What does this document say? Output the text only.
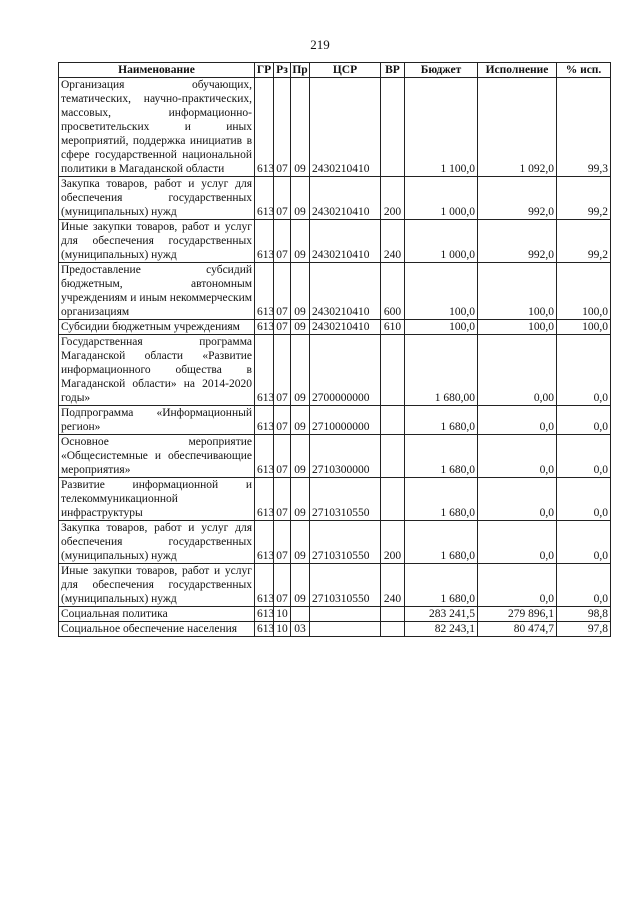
219
Наименование	ГР	Рз	Пр	ЦСР	ВР	Бюджет	Исполнение	% исп.
Организация обучающих, тематических, научно-практических, массовых, информационно-просветительских и иных мероприятий, поддержка инициатив в сфере государственной национальной политики в Магаданской области	613	07	09	2430210410		1 100,0	1 092,0	99,3
Закупка товаров, работ и услуг для обеспечения государственных (муниципальных) нужд	613	07	09	2430210410	200	1 000,0	992,0	99,2
Иные закупки товаров, работ и услуг для обеспечения государственных (муниципальных) нужд	613	07	09	2430210410	240	1 000,0	992,0	99,2
Предоставление субсидий бюджетным, автономным учреждениям и иным некоммерческим организациям	613	07	09	2430210410	600	100,0	100,0	100,0
Субсидии бюджетным учреждениям	613	07	09	2430210410	610	100,0	100,0	100,0
Государственная программа Магаданской области «Развитие информационного общества в Магаданской области» на 2014-2020 годы»	613	07	09	2700000000		1 680,00	0,00	0,0
Подпрограмма «Информационный регион»	613	07	09	2710000000		1 680,0	0,0	0,0
Основное мероприятие «Общесистемные и обеспечивающие мероприятия»	613	07	09	2710300000		1 680,0	0,0	0,0
Развитие информационной и телекоммуникационной инфраструктуры	613	07	09	2710310550		1 680,0	0,0	0,0
Закупка товаров, работ и услуг для обеспечения государственных (муниципальных) нужд	613	07	09	2710310550	200	1 680,0	0,0	0,0
Иные закупки товаров, работ и услуг для обеспечения государственных (муниципальных) нужд	613	07	09	2710310550	240	1 680,0	0,0	0,0
Социальная политика	613	10				283 241,5	279 896,1	98,8
Социальное обеспечение населения	613	10	03			82 243,1	80 474,7	97,8
